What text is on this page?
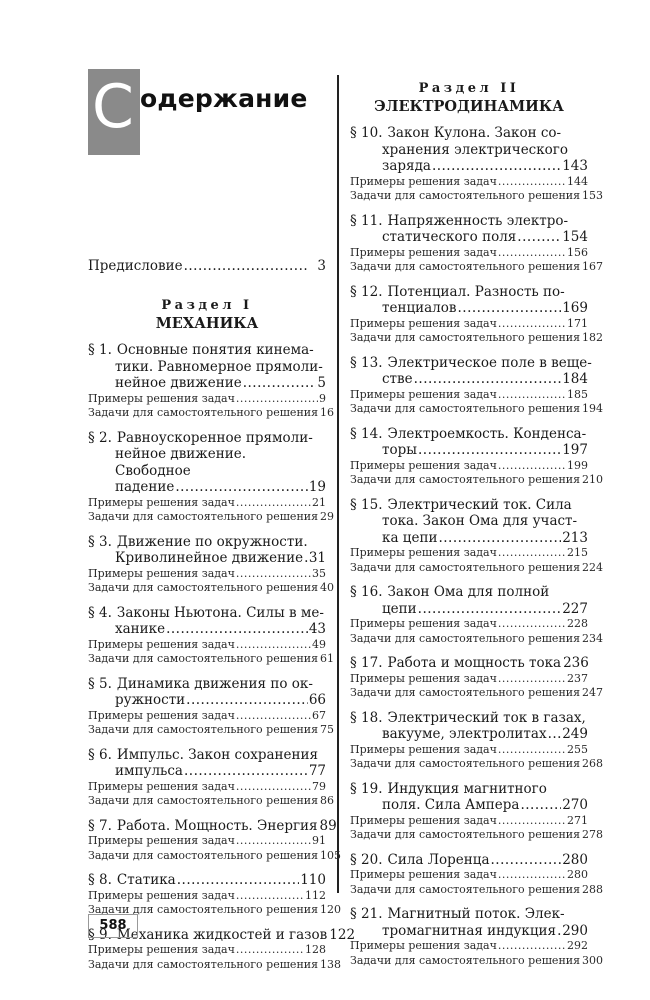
С одержание
Предисловие .....	3
Раздел I
МЕХАНИКА
§ 1. Основные понятия кинема-
тики. Равномерное прямоли-
нейное движение .....	5
Примеры решения задач .....	9
Задачи для самостоятельного решения 16
§ 2. Равноускоренное прямоли-
нейное движение. Свободное
падение .....	19
Примеры решения задач .....	21
Задачи для самостоятельного решения 29
§ 3. Движение по окружности.
Криволинейное движение ..... 31
Примеры решения задач .....	35
Задачи для самостоятельного решения 40
§ 4. Законы Ньютона. Силы в ме-
ханике .....	43
Примеры решения задач .....	49
Задачи для самостоятельного решения 61
§ 5. Динамика движения по ок-
ружности .....	66
Примеры решения задач .....	67
Задачи для самостоятельного решения 75
§ 6. Импульс. Закон сохранения
импульса .....	77
Примеры решения задач .....	79
Задачи для самостоятельного решения 86
§ 7. Работа. Мощность. Энергия 89
Примеры решения задач .....	91
Задачи для самостоятельного решения 105
§ 8. Статика .....	110
Примеры решения задач .....	112
Задачи для самостоятельного решения 120
§ 9. Механика жидкостей и газов 122
Примеры решения задач .....	128
Задачи для самостоятельного решения 138
Раздел II
ЭЛЕКТРОДИНАМИКА
§ 10. Закон Кулона. Закон со-
хранения электрического
заряда .....	143
Примеры решения задач .....	144
Задачи для самостоятельного решения 153
§ 11. Напряженность электро-
статического поля .....	154
Примеры решения задач .....	156
Задачи для самостоятельного решения 167
§ 12. Потенциал. Разность по-
тенциалов .....	169
Примеры решения задач .....	171
Задачи для самостоятельного решения 182
§ 13. Электрическое поле в веще-
стве .....	184
Примеры решения задач .....	185
Задачи для самостоятельного решения 194
§ 14. Электроемкость. Конденса-
торы .....	197
Примеры решения задач .....	199
Задачи для самостоятельного решения 210
§ 15. Электрический ток. Сила
тока. Закон Ома для участ-
ка цепи .....	213
Примеры решения задач .....	215
Задачи для самостоятельного решения 224
§ 16. Закон Ома для полной
цепи .....	227
Примеры решения задач .....	228
Задачи для самостоятельного решения 234
§ 17. Работа и мощность тока 236
Примеры решения задач .....	237
Задачи для самостоятельного решения 247
§ 18. Электрический ток в газах,
вакууме, электролитах ..... 249
Примеры решения задач .....	255
Задачи для самостоятельного решения 268
§ 19. Индукция магнитного
поля. Сила Ампера .....	270
Примеры решения задач .....	271
Задачи для самостоятельного решения 278
§ 20. Сила Лоренца .....	280
Примеры решения задач .....	280
Задачи для самостоятельного решения 288
§ 21. Магнитный поток. Элек-
тромагнитная индукция ..... 290
Примеры решения задач .....	292
Задачи для самостоятельного решения 300
588
